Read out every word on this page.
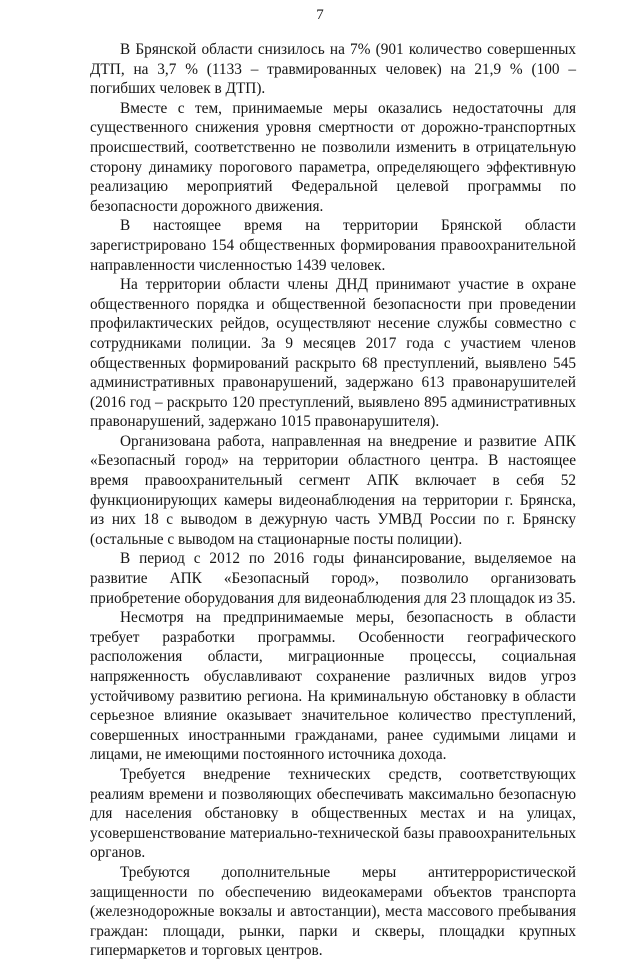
7

В Брянской области снизилось на 7% (901 количество совершенных ДТП, на 3,7 % (1133 – травмированных человек) на 21,9 % (100 – погибших человек в ДТП).

Вместе с тем, принимаемые меры оказались недостаточны для существенного снижения уровня смертности от дорожно-транспортных происшествий, соответственно не позволили изменить в отрицательную сторону динамику порогового параметра, определяющего эффективную реализацию мероприятий Федеральной целевой программы по безопасности дорожного движения.

В настоящее время на территории Брянской области зарегистрировано 154 общественных формирования правоохранительной направленности численностью 1439 человек.

На территории области члены ДНД принимают участие в охране общественного порядка и общественной безопасности при проведении профилактических рейдов, осуществляют несение службы совместно с сотрудниками полиции. За 9 месяцев 2017 года с участием членов общественных формирований раскрыто 68 преступлений, выявлено 545 административных правонарушений, задержано 613 правонарушителей (2016 год – раскрыто 120 преступлений, выявлено 895 административных правонарушений, задержано 1015 правонарушителя).

Организована работа, направленная на внедрение и развитие АПК «Безопасный город» на территории областного центра. В настоящее время правоохранительный сегмент АПК включает в себя 52 функционирующих камеры видеонаблюдения на территории г. Брянска, из них 18 с выводом в дежурную часть УМВД России по г. Брянску (остальные с выводом на стационарные посты полиции).

В период с 2012 по 2016 годы финансирование, выделяемое на развитие АПК «Безопасный город», позволило организовать приобретение оборудования для видеонаблюдения для 23 площадок из 35.

Несмотря на предпринимаемые меры, безопасность в области требует разработки программы. Особенности географического расположения области, миграционные процессы, социальная напряженность обуславливают сохранение различных видов угроз устойчивому развитию региона. На криминальную обстановку в области серьезное влияние оказывает значительное количество преступлений, совершенных иностранными гражданами, ранее судимыми лицами и лицами, не имеющими постоянного источника дохода.

Требуется внедрение технических средств, соответствующих реалиям времени и позволяющих обеспечивать максимально безопасную для населения обстановку в общественных местах и на улицах, усовершенствование материально-технической базы правоохранительных органов.

Требуются дополнительные меры антитеррористической защищенности по обеспечению видеокамерами объектов транспорта (железнодорожные вокзалы и автостанции), места массового пребывания граждан: площади, рынки, парки и скверы, площадки крупных гипермаркетов и торговых центров.
